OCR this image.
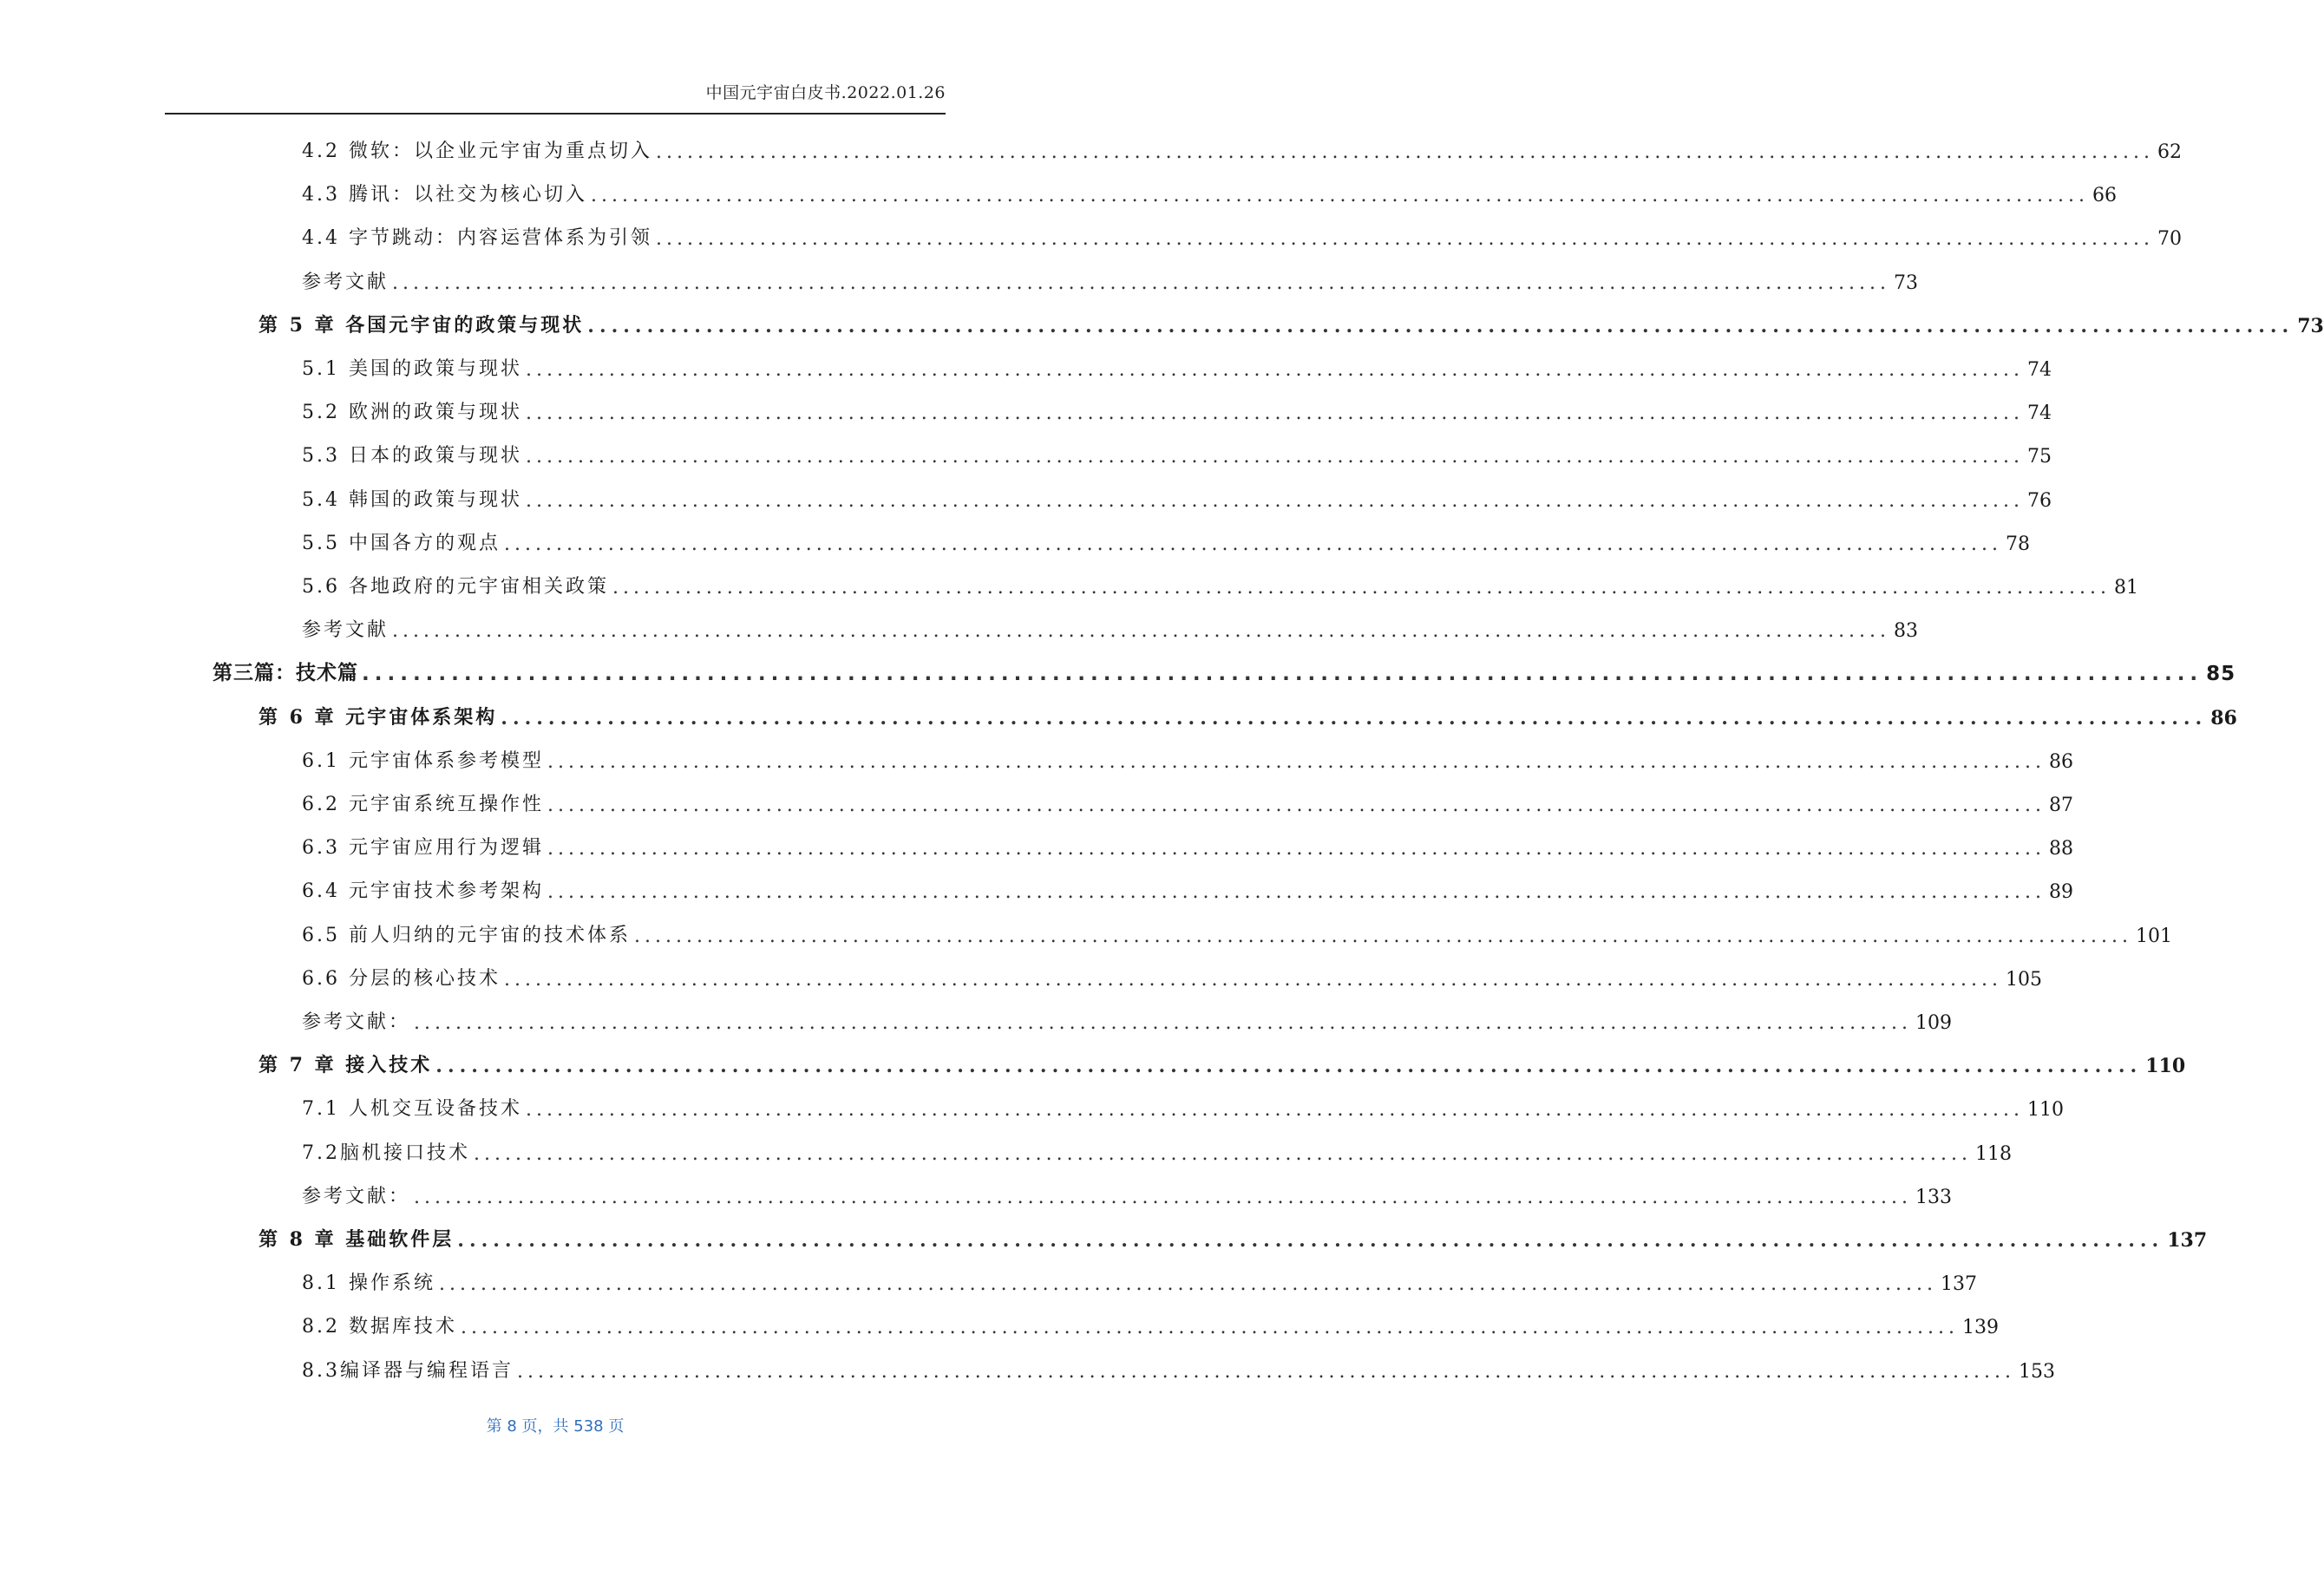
中国元宇宙白皮书.2022.01.26
4.2 微软：以企业元宇宙为重点切入 ................................................................................................................................................ 62
4.3 腾讯：以社交为核心切入 ................................................................................................................................................ 66
4.4 字节跳动：内容运营体系为引领 ................................................................................................................................................ 70
参考文献 ................................................................................................................................................ 73
第 5 章 各国元宇宙的政策与现状 ................................................................................................................................................ 73
5.1 美国的政策与现状 ................................................................................................................................................ 74
5.2 欧洲的政策与现状 ................................................................................................................................................ 74
5.3 日本的政策与现状 ................................................................................................................................................ 75
5.4 韩国的政策与现状 ................................................................................................................................................ 76
5.5 中国各方的观点 ................................................................................................................................................ 78
5.6 各地政府的元宇宙相关政策 ................................................................................................................................................ 81
参考文献 ................................................................................................................................................ 83
第三篇：技术篇 ................................................................................................................................................ 85
第 6 章 元宇宙体系架构 ................................................................................................................................................ 86
6.1 元宇宙体系参考模型 ................................................................................................................................................ 86
6.2 元宇宙系统互操作性 ................................................................................................................................................ 87
6.3 元宇宙应用行为逻辑 ................................................................................................................................................ 88
6.4 元宇宙技术参考架构 ................................................................................................................................................ 89
6.5 前人归纳的元宇宙的技术体系 ................................................................................................................................................ 101
6.6 分层的核心技术 ................................................................................................................................................ 105
参考文献： ................................................................................................................................................ 109
第 7 章 接入技术 ................................................................................................................................................ 110
7.1 人机交互设备技术 ................................................................................................................................................ 110
7.2脑机接口技术 ................................................................................................................................................ 118
参考文献： ................................................................................................................................................ 133
第 8 章 基础软件层 ................................................................................................................................................ 137
8.1 操作系统 ................................................................................................................................................ 137
8.2 数据库技术 ................................................................................................................................................ 139
8.3编译器与编程语言 ................................................................................................................................................ 153
第 8 页，共 538 页
